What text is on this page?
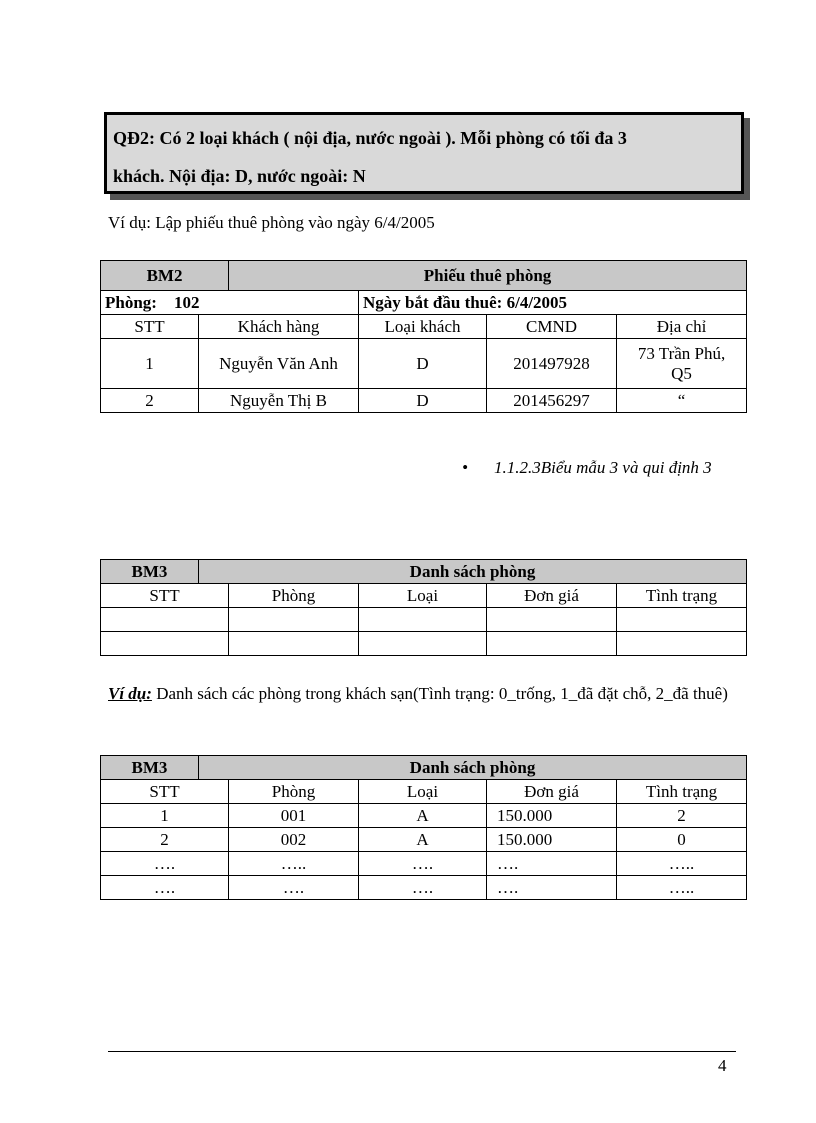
QĐ2: Có 2 loại khách ( nội địa, nước ngoài ). Mỗi phòng có tối đa 3
khách. Nội địa: D, nước ngoài: N
Ví dụ: Lập phiếu thuê phòng vào ngày 6/4/2005
BM2		Phiếu thuê phòng			
Phòng: 102			Ngày bắt đầu thuê: 6/4/2005		
STT	Khách hàng		Loại khách	CMND	Địa chỉ
1	Nguyễn Văn Anh		D	201497928	73 Trần Phú, Q5
2	Nguyễn Thị B		D	201456297	“
•	1.1.2.3Biểu mẫu 3 và qui định 3
BM3	Danh sách phòng				
STT		Phòng	Loại	Đơn giá	Tình trạng

Ví dụ: Danh sách các phòng trong khách sạn(Tình trạng: 0_trống, 1_đã đặt chỗ, 2_đã thuê)
BM3	Danh sách phòng				
STT		Phòng	Loại	Đơn giá	Tình trạng
1		001	A	150.000	2
2		002	A	150.000	0
….		…..	….	….	…..
….		….	….	….	…..
4
